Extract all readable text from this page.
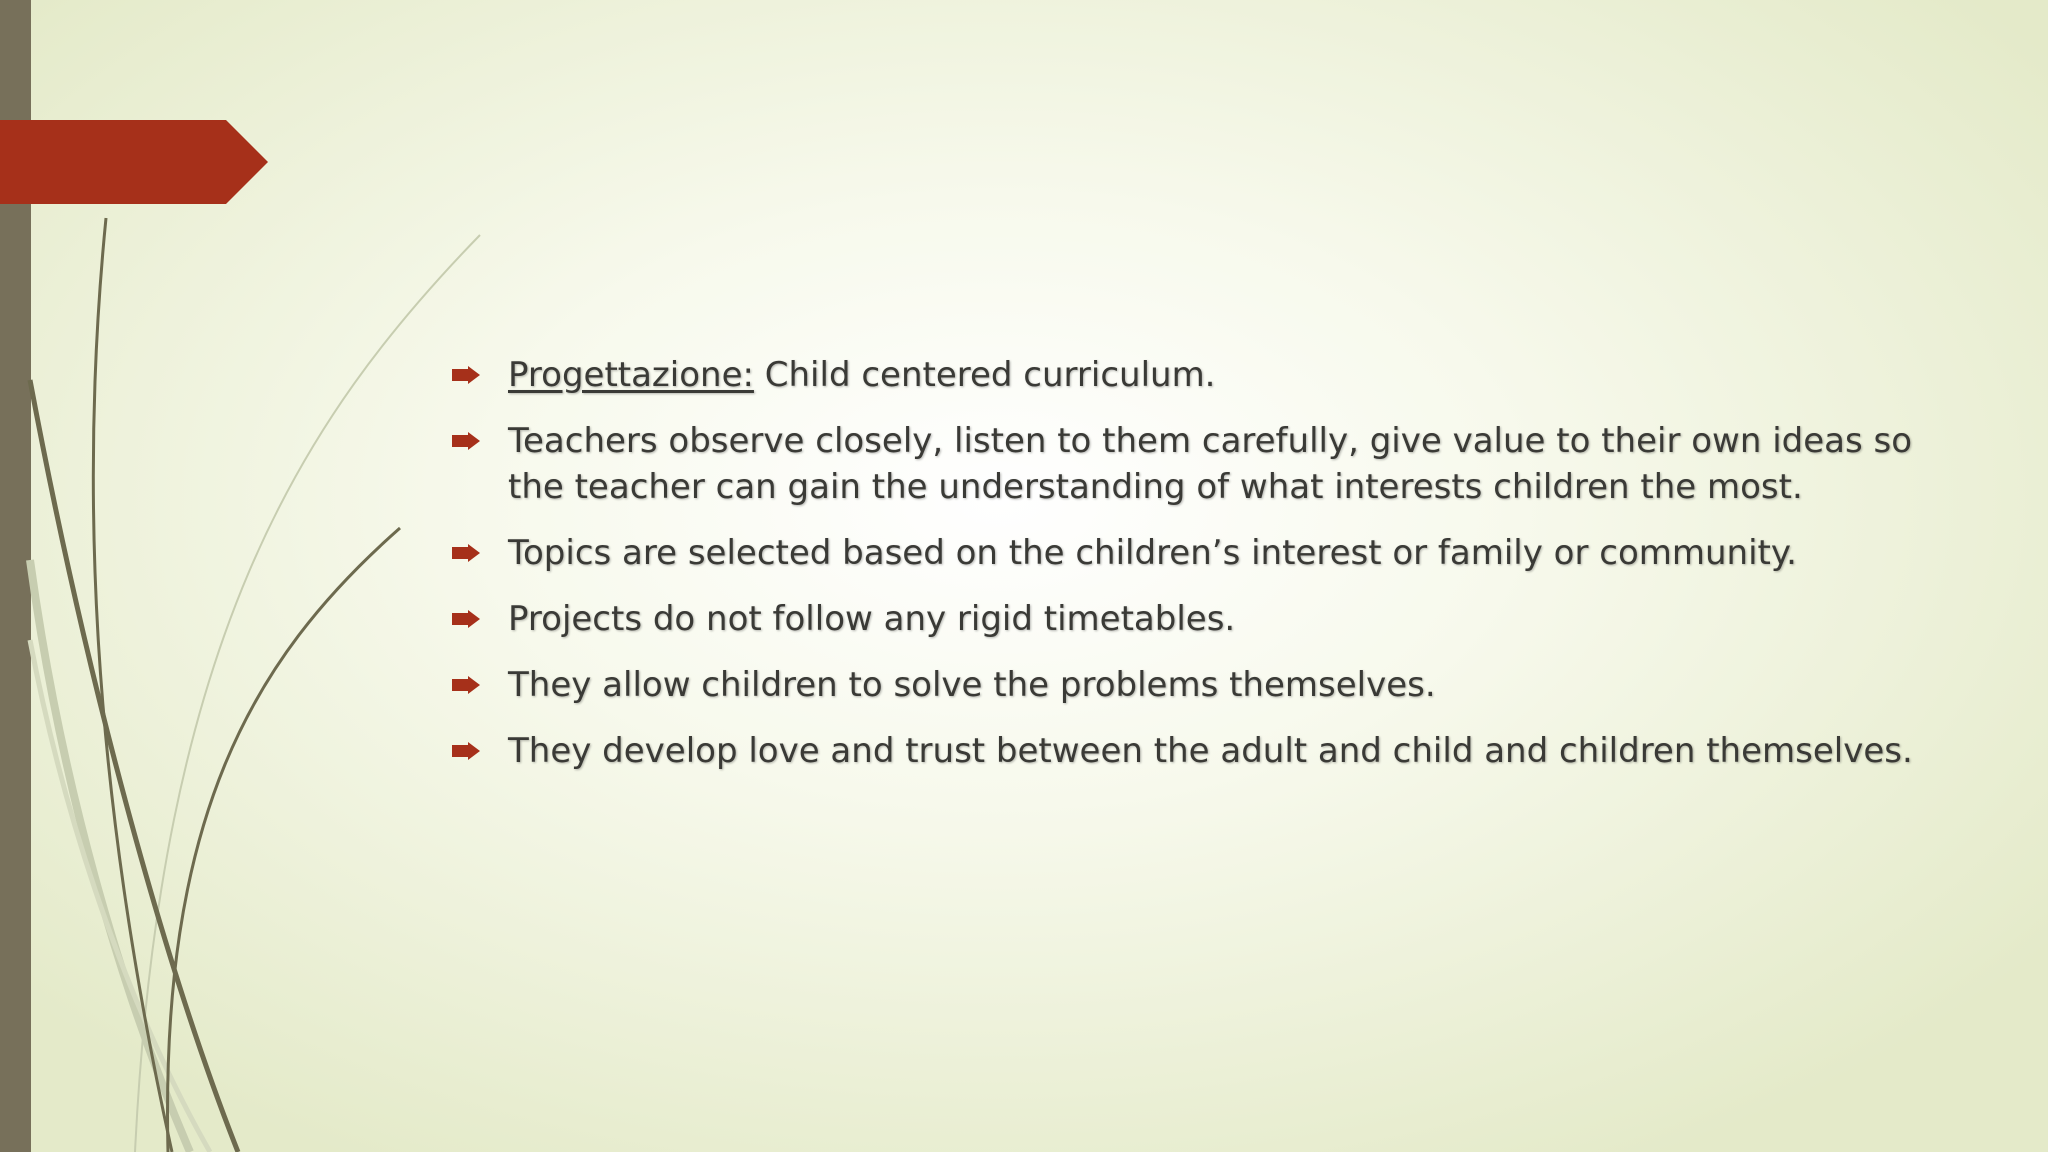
Progettazione: Child centered curriculum.
Teachers observe closely, listen to them carefully, give value to their own ideas so the teacher can gain the understanding of what interests children the most.
Topics are selected based on the children’s interest or family or community.
Projects do not follow any rigid timetables.
They allow children to solve the problems themselves.
They develop love and trust between the adult and child and children themselves.
